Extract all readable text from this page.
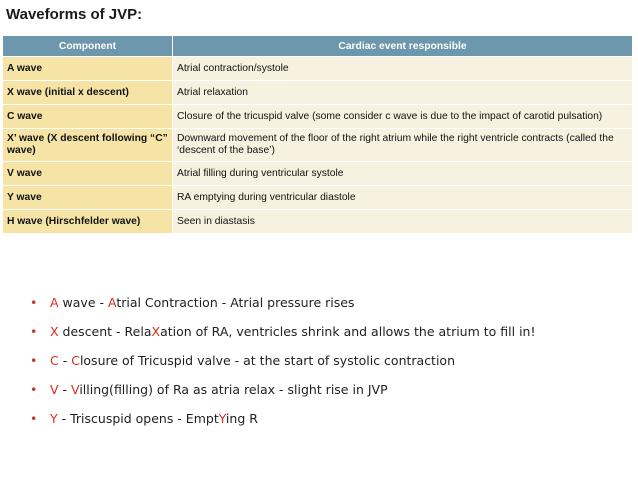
Waveforms of JVP:
Component	Cardiac event responsible
A wave	Atrial contraction/systole
X wave (initial x descent)	Atrial relaxation
C wave	Closure of the tricuspid valve (some consider c wave is due to the impact of carotid pulsation)
X’ wave (X descent following “C” wave)	Downward movement of the floor of the right atrium while the right ventricle contracts (called the ‘descent of the base’)
V wave	Atrial filling during ventricular systole
Y wave	RA emptying during ventricular diastole
H wave (Hirschfelder wave)	Seen in diastasis
• A wave - Atrial Contraction - Atrial pressure rises
• X descent - RelaXation of RA, ventricles shrink and allows the atrium to fill in!
• C - Closure of Tricuspid valve - at the start of systolic contraction
• V - Villing(filling) of Ra as atria relax - slight rise in JVP
• Y - Triscuspid opens - EmptYing R
